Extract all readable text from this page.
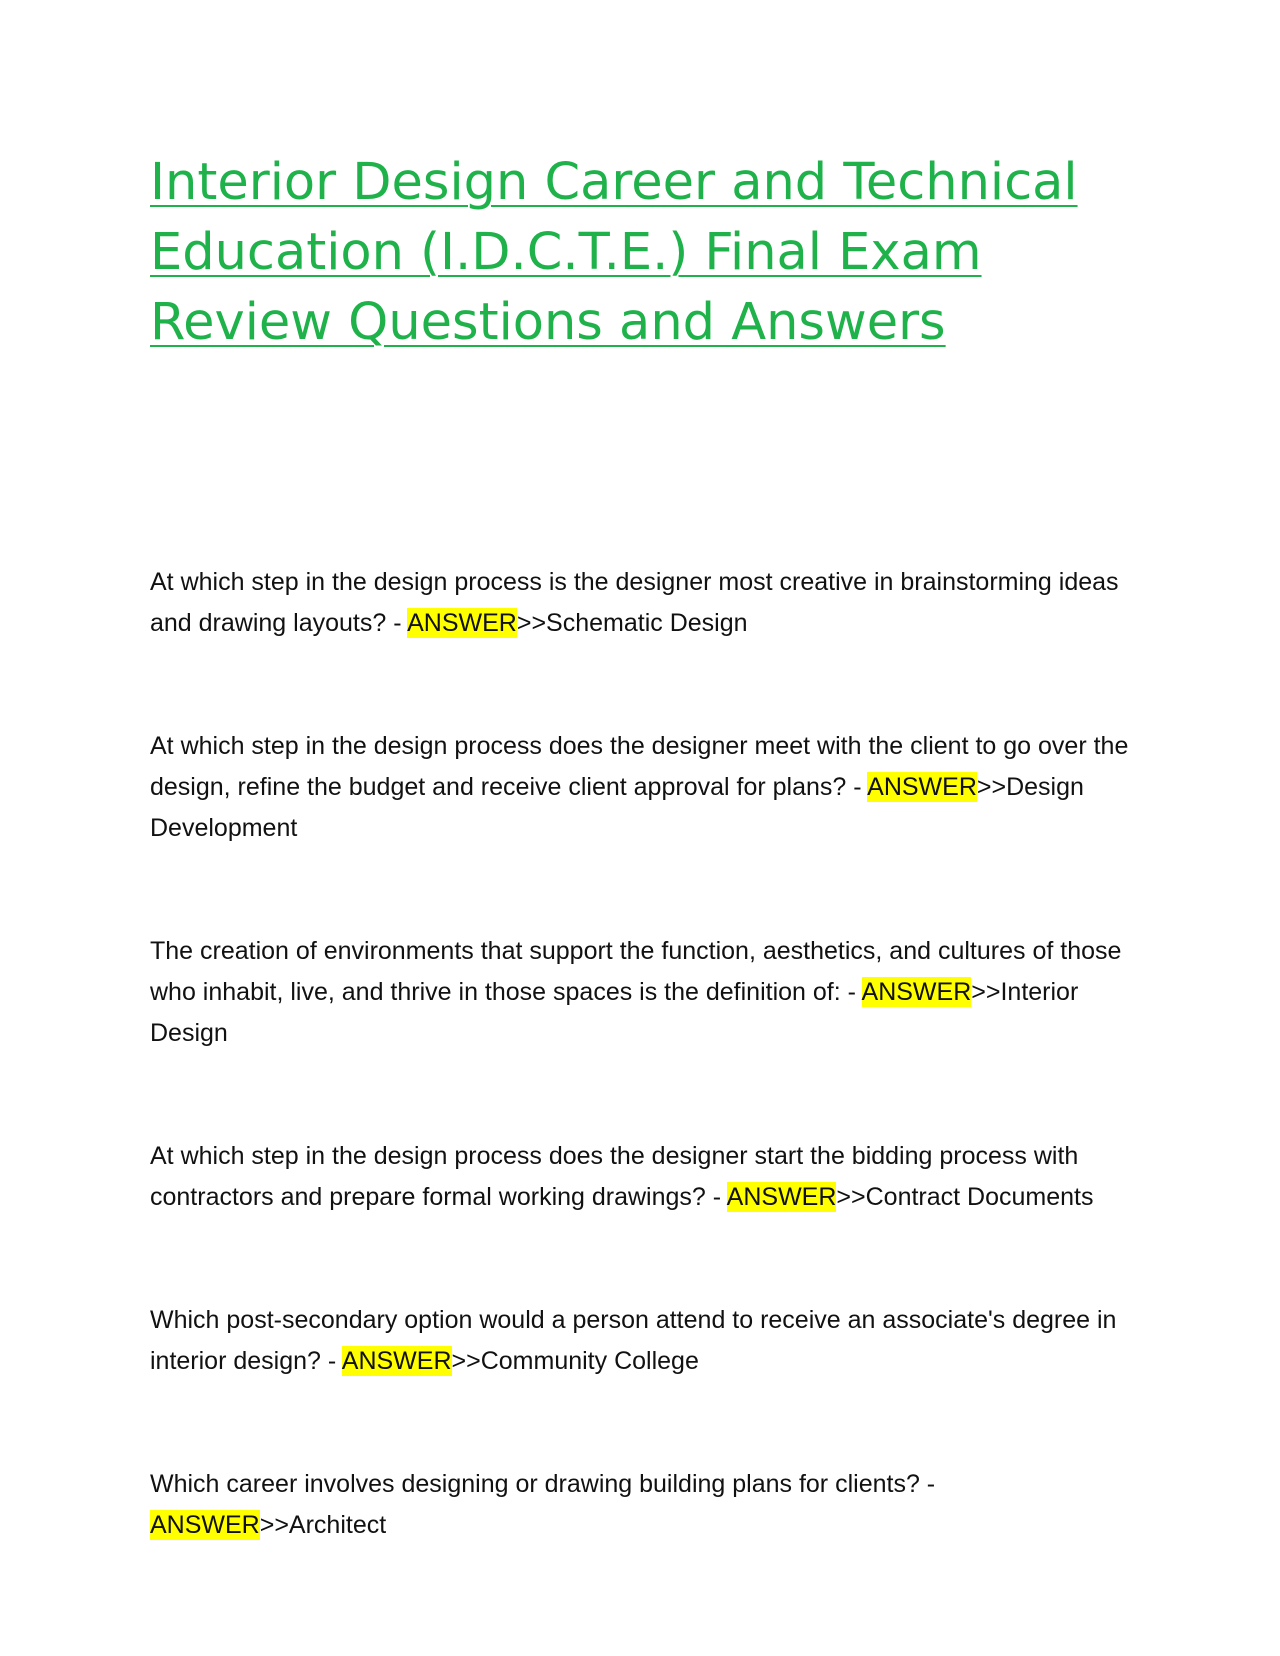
Interior Design Career and Technical Education (I.D.C.T.E.) Final Exam Review Questions and Answers

At which step in the design process is the designer most creative in brainstorming ideas and drawing layouts? - ANSWER>>Schematic Design

At which step in the design process does the designer meet with the client to go over the design, refine the budget and receive client approval for plans? - ANSWER>>Design Development

The creation of environments that support the function, aesthetics, and cultures of those who inhabit, live, and thrive in those spaces is the definition of: - ANSWER>>Interior Design

At which step in the design process does the designer start the bidding process with contractors and prepare formal working drawings? - ANSWER>>Contract Documents

Which post-secondary option would a person attend to receive an associate's degree in interior design? - ANSWER>>Community College

Which career involves designing or drawing building plans for clients? - ANSWER>>Architect
